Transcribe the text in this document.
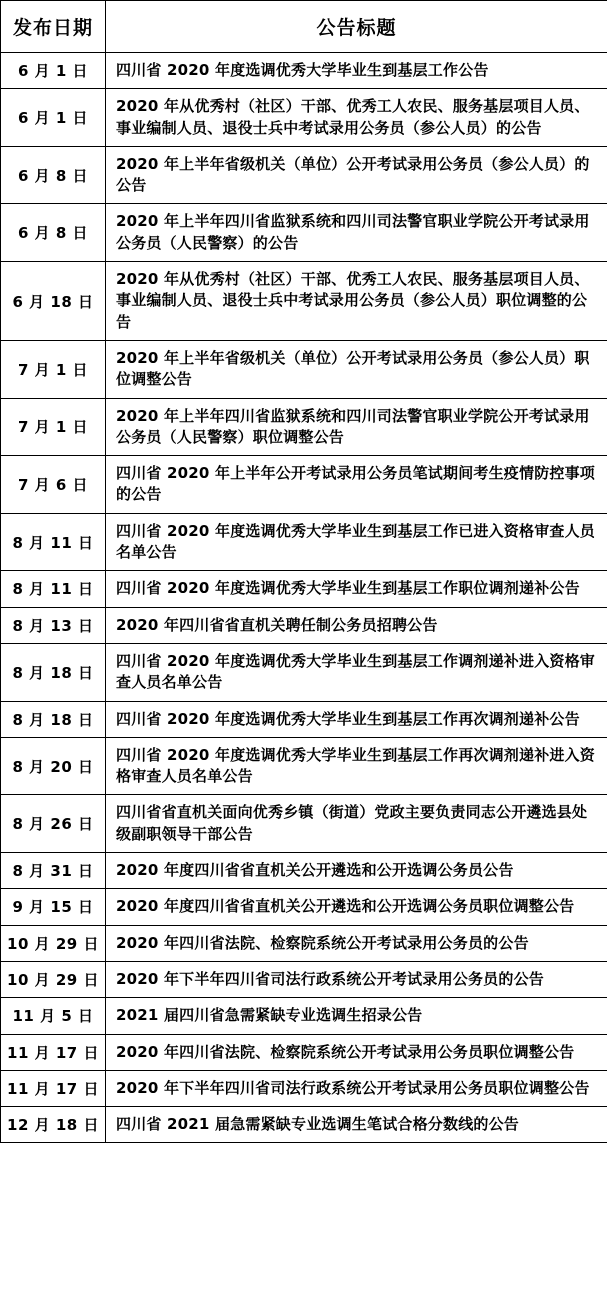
发布日期	公告标题
6 月 1 日	四川省 2020 年度选调优秀大学毕业生到基层工作公告
6 月 1 日	2020 年从优秀村（社区）干部、优秀工人农民、服务基层项目人员、事业编制人员、退役士兵中考试录用公务员（参公人员）的公告
6 月 8 日	2020 年上半年省级机关（单位）公开考试录用公务员（参公人员）的公告
6 月 8 日	2020 年上半年四川省监狱系统和四川司法警官职业学院公开考试录用公务员（人民警察）的公告
6 月 18 日	2020 年从优秀村（社区）干部、优秀工人农民、服务基层项目人员、事业编制人员、退役士兵中考试录用公务员（参公人员）职位调整的公告
7 月 1 日	2020 年上半年省级机关（单位）公开考试录用公务员（参公人员）职位调整公告
7 月 1 日	2020 年上半年四川省监狱系统和四川司法警官职业学院公开考试录用公务员（人民警察）职位调整公告
7 月 6 日	四川省 2020 年上半年公开考试录用公务员笔试期间考生疫情防控事项的公告
8 月 11 日	四川省 2020 年度选调优秀大学毕业生到基层工作已进入资格审查人员名单公告
8 月 11 日	四川省 2020 年度选调优秀大学毕业生到基层工作职位调剂递补公告
8 月 13 日	2020 年四川省省直机关聘任制公务员招聘公告
8 月 18 日	四川省 2020 年度选调优秀大学毕业生到基层工作调剂递补进入资格审查人员名单公告
8 月 18 日	四川省 2020 年度选调优秀大学毕业生到基层工作再次调剂递补公告
8 月 20 日	四川省 2020 年度选调优秀大学毕业生到基层工作再次调剂递补进入资格审查人员名单公告
8 月 26 日	四川省省直机关面向优秀乡镇（街道）党政主要负责同志公开遴选县处级副职领导干部公告
8 月 31 日	2020 年度四川省省直机关公开遴选和公开选调公务员公告
9 月 15 日	2020 年度四川省省直机关公开遴选和公开选调公务员职位调整公告
10 月 29 日	2020 年四川省法院、检察院系统公开考试录用公务员的公告
10 月 29 日	2020 年下半年四川省司法行政系统公开考试录用公务员的公告
11 月 5 日	2021 届四川省急需紧缺专业选调生招录公告
11 月 17 日	2020 年四川省法院、检察院系统公开考试录用公务员职位调整公告
11 月 17 日	2020 年下半年四川省司法行政系统公开考试录用公务员职位调整公告
12 月 18 日	四川省 2021 届急需紧缺专业选调生笔试合格分数线的公告
